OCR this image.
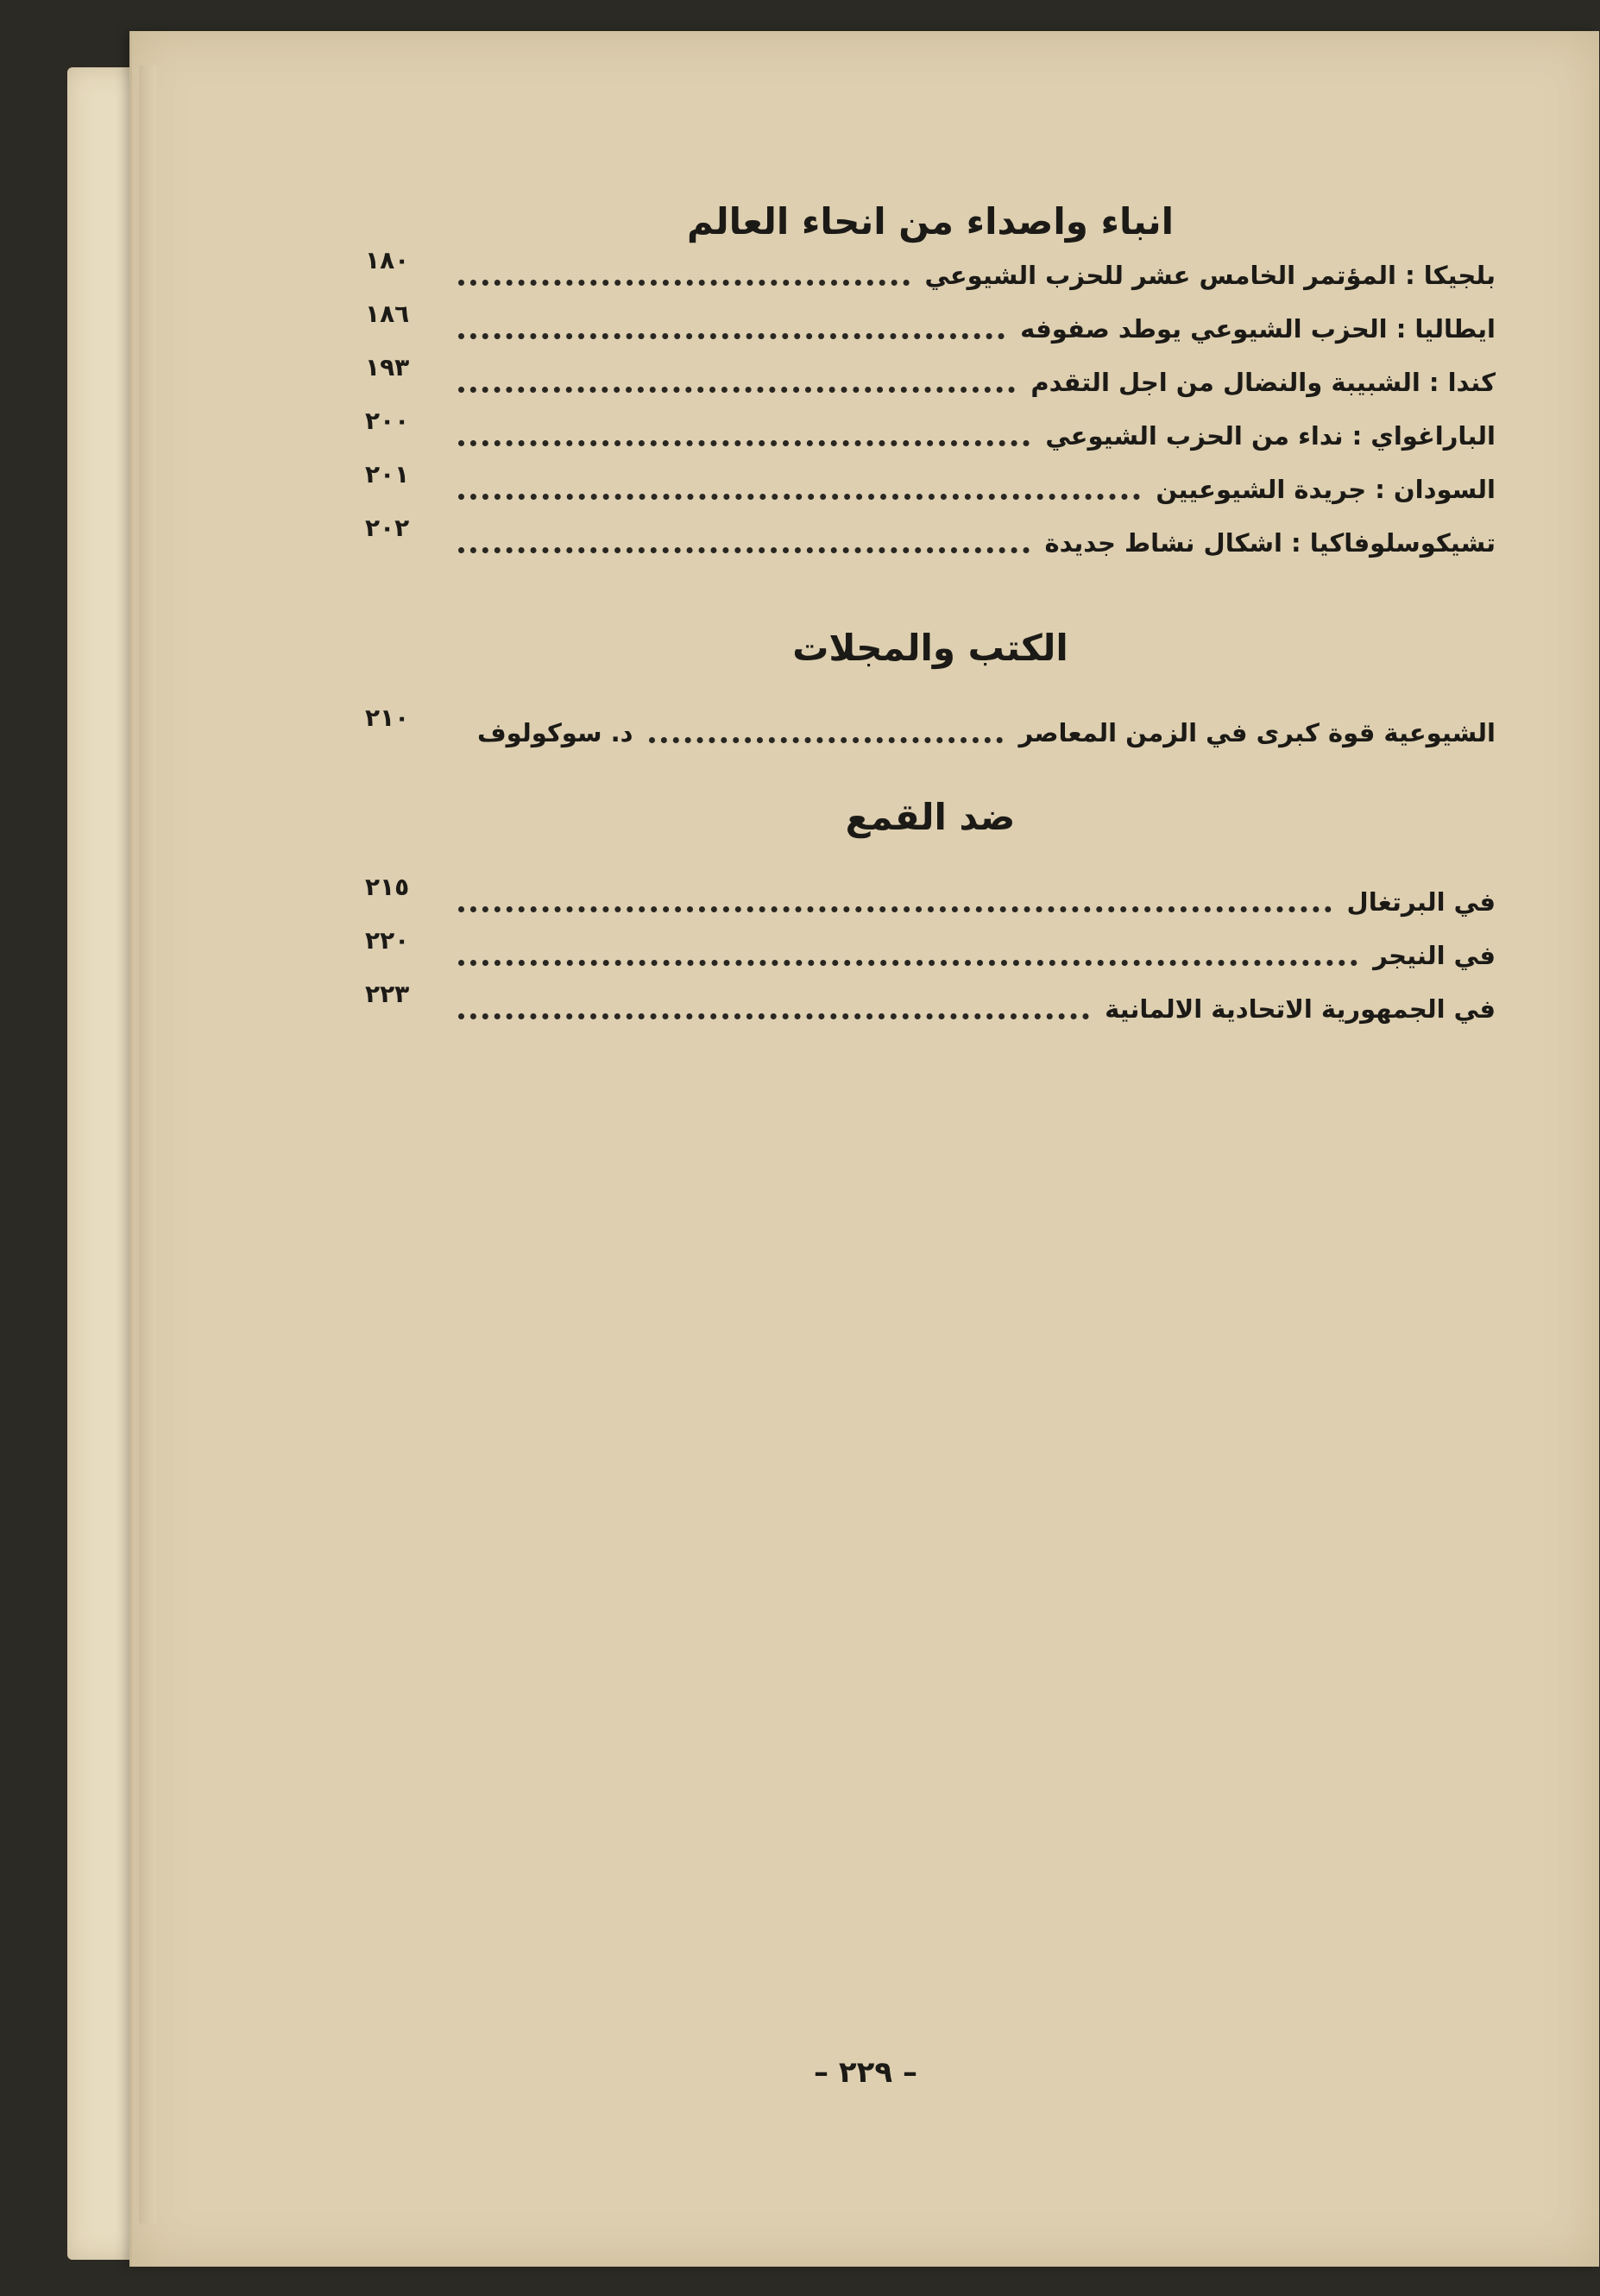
انباء واصداء من انحاء العالم
بلجيكا : المؤتمر الخامس عشر للحزب الشيوعي
١٨٠
ايطاليا : الحزب الشيوعي يوطد صفوفه
١٨٦
كندا : الشبيبة والنضال من اجل التقدم
١٩٣
الباراغواي : نداء من الحزب الشيوعي
٢٠٠
السودان : جريدة الشيوعيين
٢٠١
تشيكوسلوفاكيا : اشكال نشاط جديدة
٢٠٢
الكتب والمجلات
الشيوعية قوة كبرى في الزمن المعاصر
د. سوكولوف
٢١٠
ضد القمع
في البرتغال
٢١٥
في النيجر
٢٢٠
في الجمهورية الاتحادية الالمانية
٢٢٣
– ٢٢٩ –
